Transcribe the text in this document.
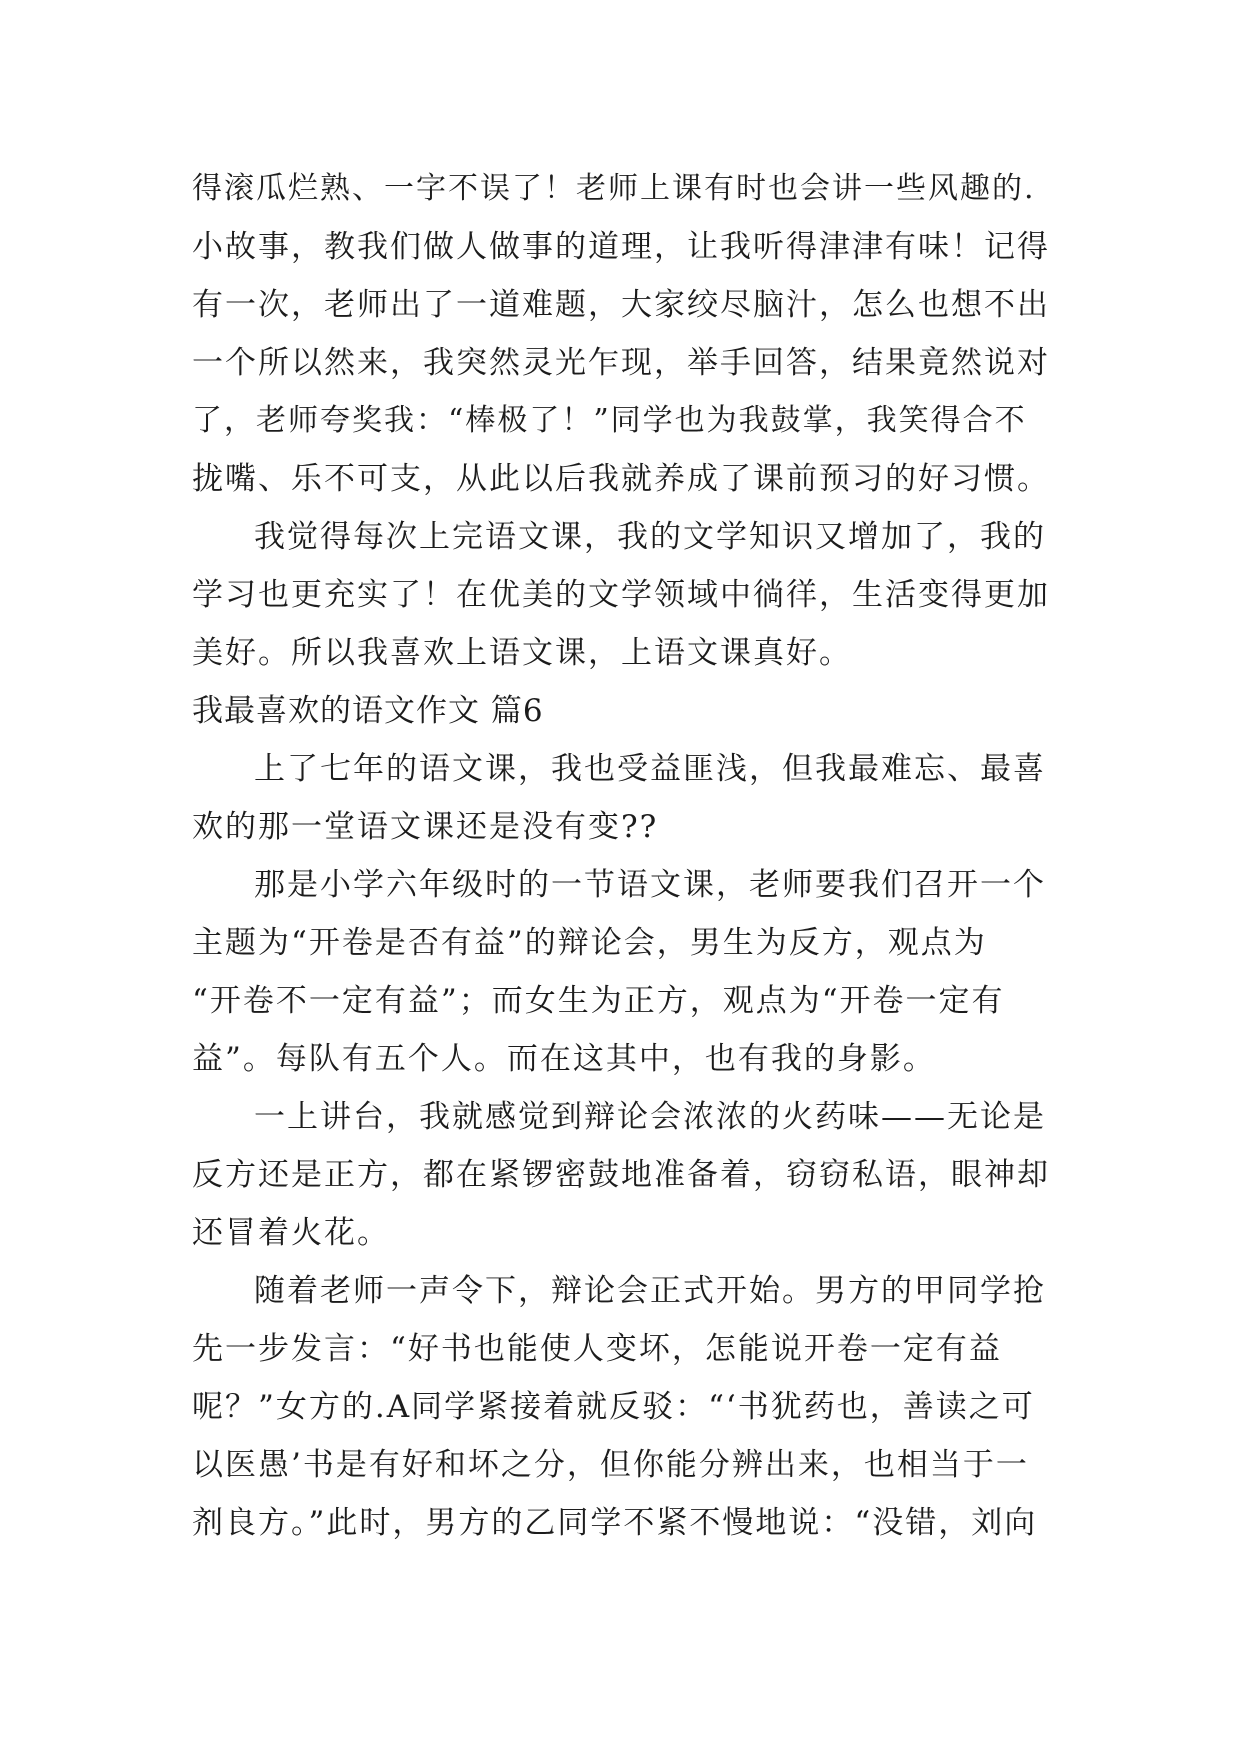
得滚瓜烂熟、一字不误了！老师上课有时也会讲一些风趣的.
小故事，教我们做人做事的道理，让我听得津津有味！记得
有一次，老师出了一道难题，大家绞尽脑汁，怎么也想不出
一个所以然来，我突然灵光乍现，举手回答，结果竟然说对
了，老师夸奖我：“棒极了！”同学也为我鼓掌，我笑得合不
拢嘴、乐不可支，从此以后我就养成了课前预习的好习惯。
我觉得每次上完语文课，我的文学知识又增加了，我的
学习也更充实了！在优美的文学领域中徜徉，生活变得更加
美好。所以我喜欢上语文课，上语文课真好。
我最喜欢的语文作文 篇6
上了七年的语文课，我也受益匪浅，但我最难忘、最喜
欢的那一堂语文课还是没有变??
那是小学六年级时的一节语文课，老师要我们召开一个
主题为“开卷是否有益”的辩论会，男生为反方，观点为
“开卷不一定有益”；而女生为正方，观点为“开卷一定有
益”。每队有五个人。而在这其中，也有我的身影。
一上讲台，我就感觉到辩论会浓浓的火药味——无论是
反方还是正方，都在紧锣密鼓地准备着，窃窃私语，眼神却
还冒着火花。
随着老师一声令下，辩论会正式开始。男方的甲同学抢
先一步发言：“好书也能使人变坏，怎能说开卷一定有益
呢？”女方的.A同学紧接着就反驳：“‘书犹药也，善读之可
以医愚’书是有好和坏之分，但你能分辨出来，也相当于一
剂良方。”此时，男方的乙同学不紧不慢地说：“没错，刘向
